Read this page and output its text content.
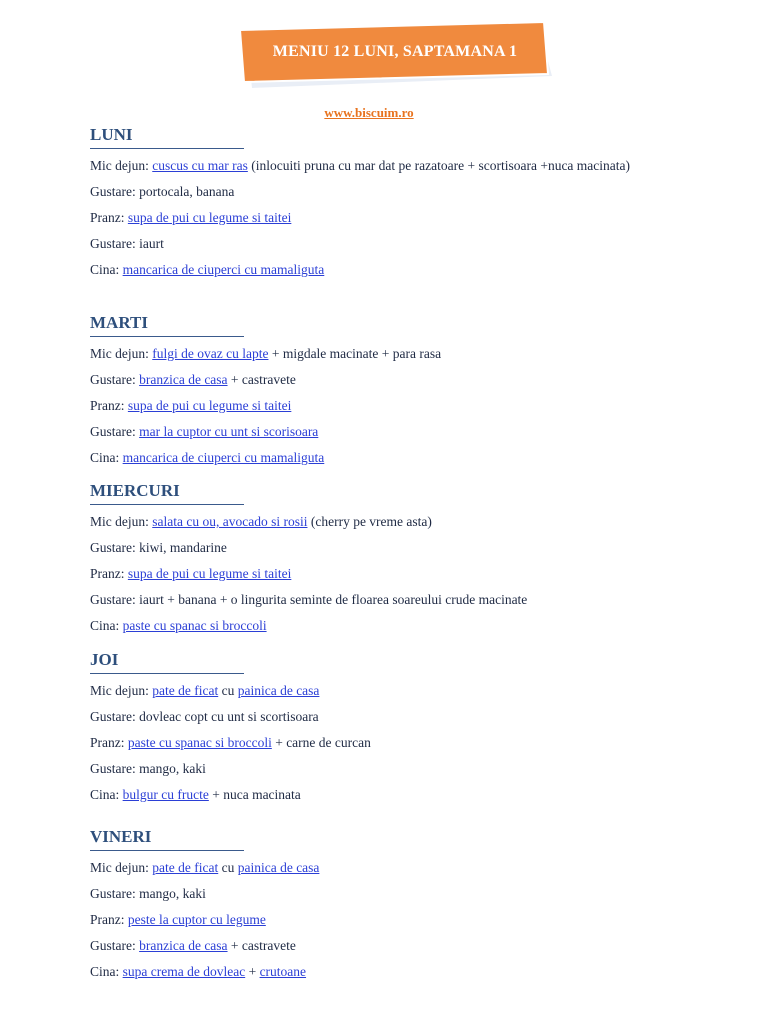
MENIU 12 LUNI, SAPTAMANA 1
www.biscuim.ro
LUNI
Mic dejun: cuscus cu mar ras (inlocuiti pruna cu mar dat pe razatoare + scortisoara +nuca macinata)
Gustare: portocala, banana
Pranz: supa de pui cu legume si taitei
Gustare: iaurt
Cina: mancarica de ciuperci cu mamaliguta
MARTI
Mic dejun: fulgi de ovaz cu lapte + migdale macinate + para rasa
Gustare: branzica de casa + castravete
Pranz: supa de pui cu legume si taitei
Gustare: mar la cuptor cu unt si scorisoara
Cina: mancarica de ciuperci cu mamaliguta
MIERCURI
Mic dejun: salata cu ou, avocado si rosii (cherry pe vreme asta)
Gustare: kiwi, mandarine
Pranz: supa de pui cu legume si taitei
Gustare: iaurt + banana + o lingurita seminte de floarea soareului crude macinate
Cina: paste cu spanac si broccoli
JOI
Mic dejun: pate de ficat cu painica de casa
Gustare: dovleac copt cu unt si scortisoara
Pranz: paste cu spanac si broccoli + carne de curcan
Gustare: mango, kaki
Cina: bulgur cu fructe + nuca macinata
VINERI
Mic dejun: pate de ficat cu painica de casa
Gustare: mango, kaki
Pranz: peste la cuptor cu legume
Gustare: branzica de casa + castravete
Cina: supa crema de dovleac + crutoane
